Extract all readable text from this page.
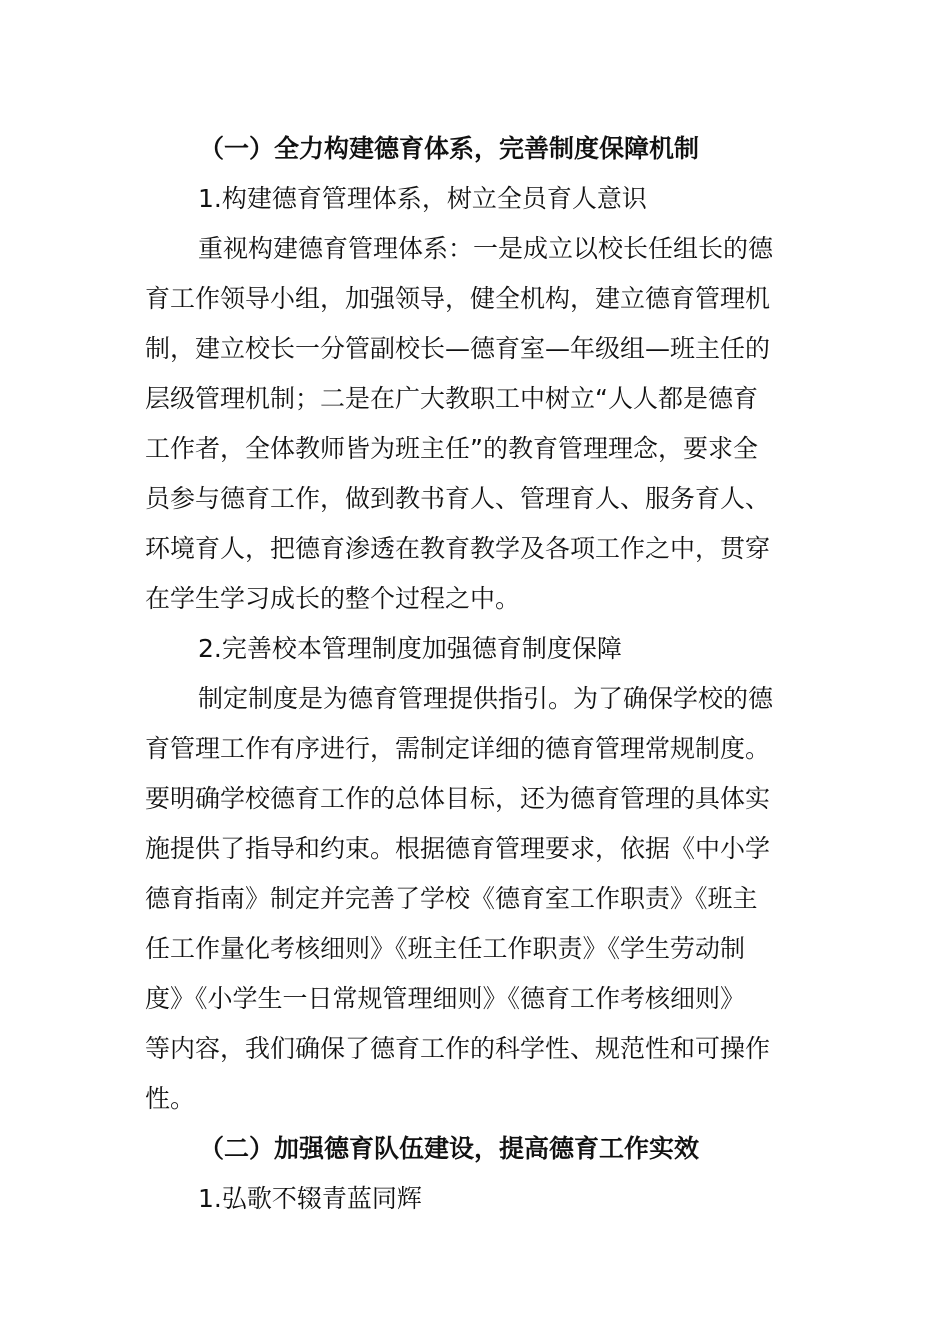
（一）全力构建德育体系，完善制度保障机制

1.构建德育管理体系，树立全员育人意识

重视构建德育管理体系：一是成立以校长任组长的德
育工作领导小组，加强领导，健全机构，建立德育管理机
制，建立校长一分管副校长—德育室—年级组—班主任的
层级管理机制；二是在广大教职工中树立“人人都是德育
工作者，全体教师皆为班主任”的教育管理理念，要求全
员参与德育工作，做到教书育人、管理育人、服务育人、
环境育人，把德育渗透在教育教学及各项工作之中，贯穿
在学生学习成长的整个过程之中。

2.完善校本管理制度加强德育制度保障

制定制度是为德育管理提供指引。为了确保学校的德
育管理工作有序进行，需制定详细的德育管理常规制度。
要明确学校德育工作的总体目标，还为德育管理的具体实
施提供了指导和约束。根据德育管理要求，依据《中小学
德育指南》制定并完善了学校《德育室工作职责》《班主
任工作量化考核细则》《班主任工作职责》《学生劳动制
度》《小学生一日常规管理细则》《德育工作考核细则》
等内容，我们确保了德育工作的科学性、规范性和可操作
性。

（二）加强德育队伍建设，提高德育工作实效

1.弘歌不辍青蓝同辉
